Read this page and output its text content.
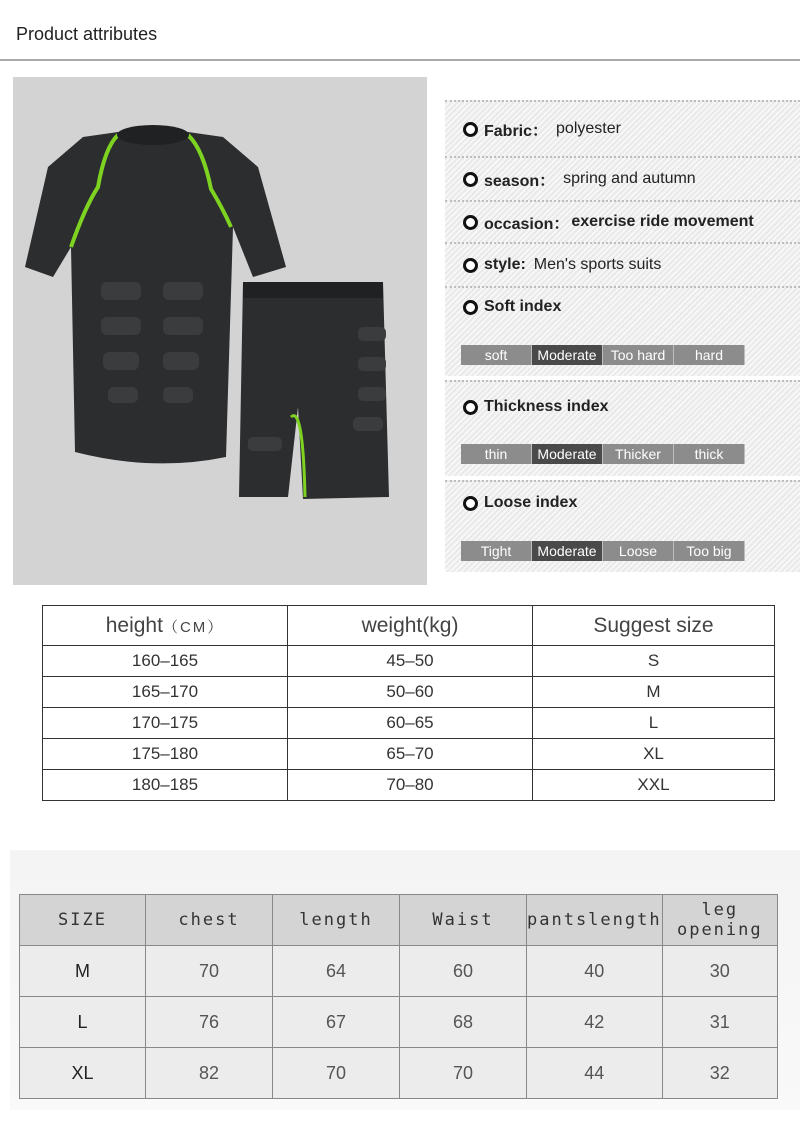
Product attributes
Fabric： polyester
season： spring and autumn
occasion： exercise ride movement
style: Men's sports suits
Soft index
soft	Moderate	Too hard	hard
Thickness index
thin	Moderate	Thicker	thick
Loose index
Tight	Moderate	Loose	Too big
height（CM）	weight(kg)	Suggest size
160–165	45–50	S
165–170	50–60	M
170–175	60–65	L
175–180	65–70	XL
180–185	70–80	XXL
SIZE	chest	length	Waist	pantslength	leg opening
M	70	64	60	40	30
L	76	67	68	42	31
XL	82	70	70	44	32
